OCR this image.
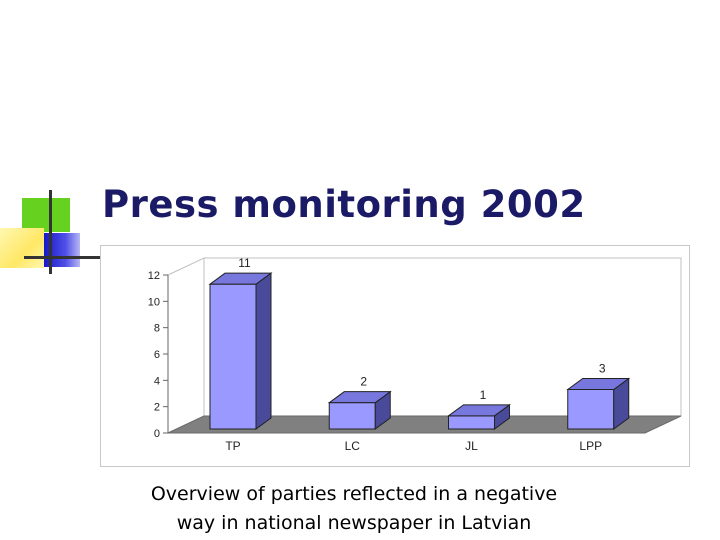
Press monitoring 2002
0
2
4
6
8
10
12
11
TP
2
LC
1
JL
3
LPP
Overview of parties reflected in a negative
way in national newspaper in Latvian
